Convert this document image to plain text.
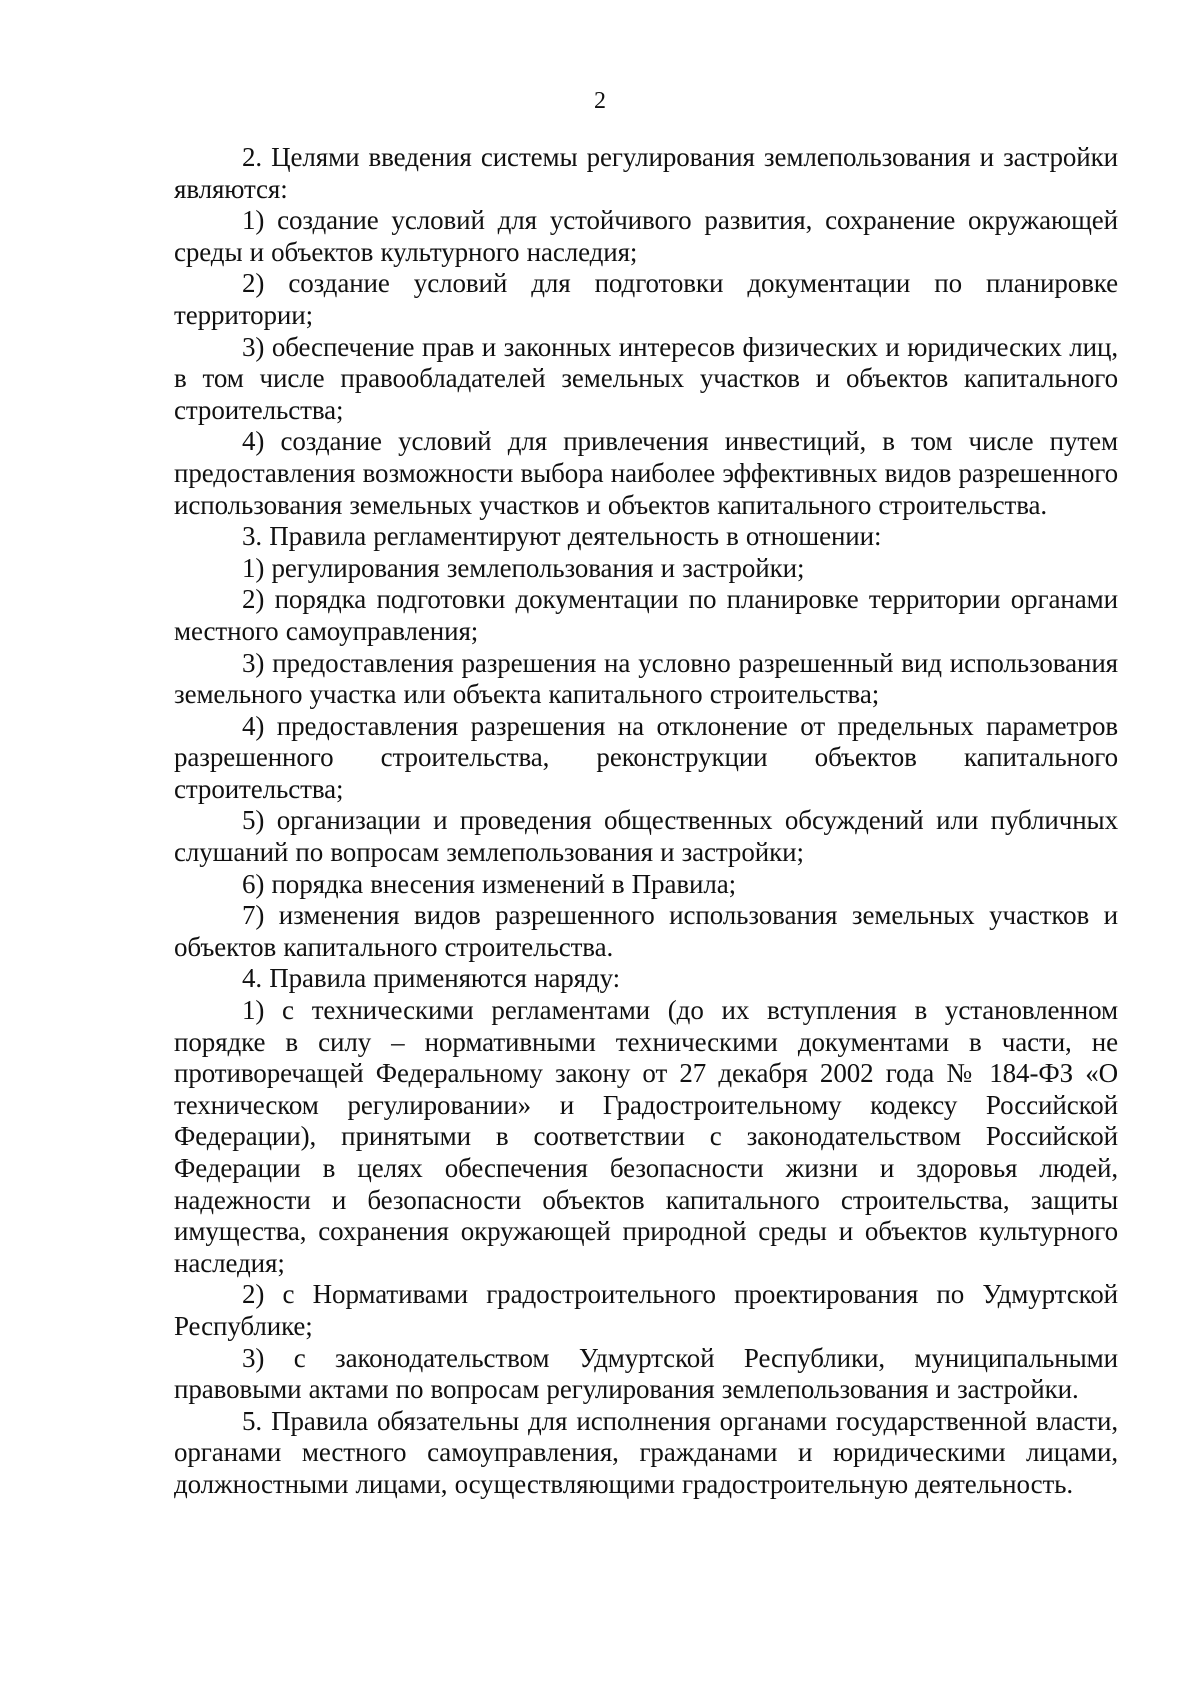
2

2. Целями введения системы регулирования землепользования и застройки являются:

1) создание условий для устойчивого развития, сохранение окружающей среды и объектов культурного наследия;

2) создание условий для подготовки документации по планировке территории;

3) обеспечение прав и законных интересов физических и юридических лиц, в том числе правообладателей земельных участков и объектов капитального строительства;

4) создание условий для привлечения инвестиций, в том числе путем предоставления возможности выбора наиболее эффективных видов разрешенного использования земельных участков и объектов капитального строительства.

3. Правила регламентируют деятельность в отношении:

1) регулирования землепользования и застройки;

2) порядка подготовки документации по планировке территории органами местного самоуправления;

3) предоставления разрешения на условно разрешенный вид использования земельного участка или объекта капитального строительства;

4) предоставления разрешения на отклонение от предельных параметров разрешенного строительства, реконструкции объектов капитального строительства;

5) организации и проведения общественных обсуждений или публичных слушаний по вопросам землепользования и застройки;

6) порядка внесения изменений в Правила;

7) изменения видов разрешенного использования земельных участков и объектов капитального строительства.

4. Правила применяются наряду:

1) с техническими регламентами (до их вступления в установленном порядке в силу – нормативными техническими документами в части, не противоречащей Федеральному закону от 27 декабря 2002 года № 184-ФЗ «О техническом регулировании» и Градостроительному кодексу Российской Федерации), принятыми в соответствии с законодательством Российской Федерации в целях обеспечения безопасности жизни и здоровья людей, надежности и безопасности объектов капитального строительства, защиты имущества, сохранения окружающей природной среды и объектов культурного наследия;

2) с Нормативами градостроительного проектирования по Удмуртской Республике;

3) с законодательством Удмуртской Республики, муниципальными правовыми актами по вопросам регулирования землепользования и застройки.

5. Правила обязательны для исполнения органами государственной власти, органами местного самоуправления, гражданами и юридическими лицами, должностными лицами, осуществляющими градостроительную деятельность.
